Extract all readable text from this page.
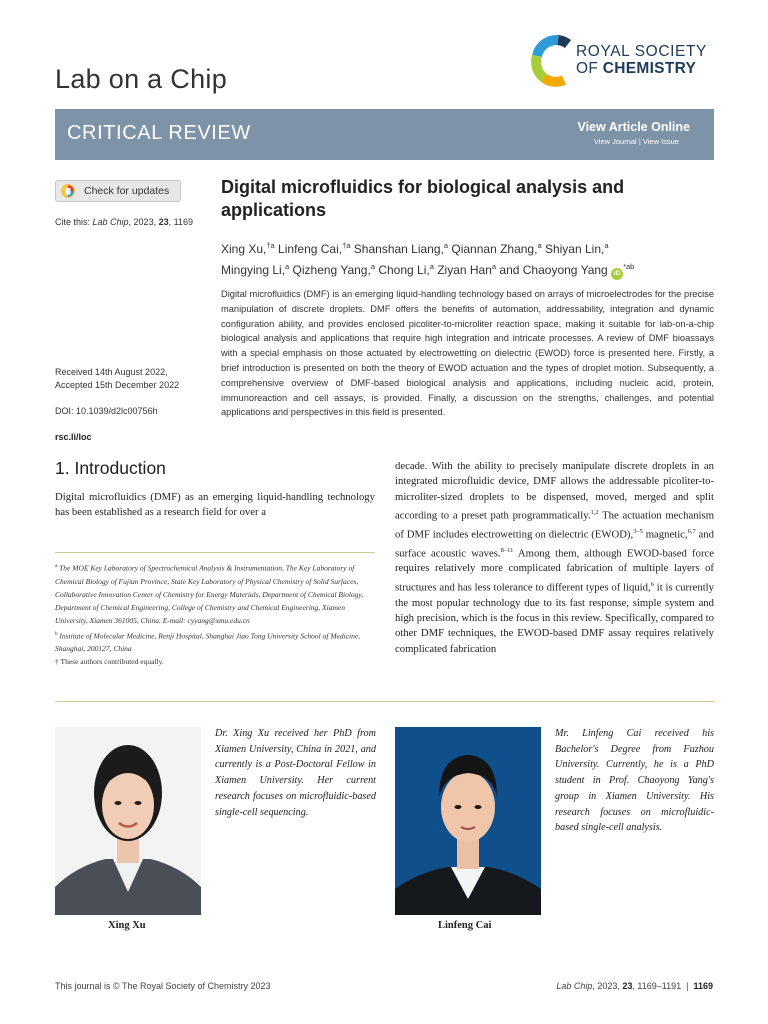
Lab on a Chip
ROYAL SOCIETY
OF CHEMISTRY
CRITICAL REVIEW	View Article Online
View Journal | View Issue
Check for updates
Cite this: Lab Chip, 2023, 23, 1169
Received 14th August 2022,
Accepted 15th December 2022
DOI: 10.1039/d2lc00756h
rsc.li/loc
Digital microfluidics for biological analysis and applications
Xing Xu,$^{\dagger a}$ Linfeng Cai,$^{\dagger a}$ Shanshan Liang,$^a$ Qiannan Zhang,$^a$ Shiyan Lin,$^a$
Mingying Li,$^a$ Qizheng Yang,$^a$ Chong Li,$^a$ Ziyan Han$^a$ and Chaoyong Yang $iD^{*ab}$
Digital microfluidics (DMF) is an emerging liquid-handling technology based on arrays of microelectrodes for the precise manipulation of discrete droplets. DMF offers the benefits of automation, addressability, integration and dynamic configuration ability, and provides enclosed picoliter-to-microliter reaction space, making it suitable for lab-on-a-chip biological analysis and applications that require high integration and intricate processes. A review of DMF bioassays with a special emphasis on those actuated by electrowetting on dielectric (EWOD) force is presented here. Firstly, a brief introduction is presented on both the theory of EWOD actuation and the types of droplet motion. Subsequently, a comprehensive overview of DMF-based biological analysis and applications, including nucleic acid, protein, immunoreaction and cell assays, is provided. Finally, a discussion on the strengths, challenges, and potential applications and perspectives in this field is presented.
1. Introduction
Digital microfluidics (DMF) as an emerging liquid-handling technology has been established as a research field for over a
$^a$ The MOE Key Laboratory of Spectrochemical Analysis & Instrumentation, The Key Laboratory of Chemical Biology of Fujian Province, State Key Laboratory of Physical Chemistry of Solid Surfaces, Collaborative Innovation Center of Chemistry for Energy Materials, Department of Chemical Biology, Department of Chemical Engineering, College of Chemistry and Chemical Engineering, Xiamen University, Xiamen 361005, China. E-mail: cyyang@xmu.edu.cn
$^b$ Institute of Molecular Medicine, Renji Hospital, Shanghai Jiao Tong University School of Medicine, Shanghai, 200127, China
† These authors contributed equally.
decade. With the ability to precisely manipulate discrete droplets in an integrated microfluidic device, DMF allows the addressable picoliter-to-microliter-sized droplets to be dispensed, moved, merged and split according to a preset path programmatically.$^{1,2}$ The actuation mechanism of DMF includes electrowetting on dielectric (EWOD),$^{3-5}$ magnetic,$^{6,7}$ and surface acoustic waves.$^{8-11}$ Among them, although EWOD-based force requires relatively more complicated fabrication of multiple layers of structures and has less tolerance to different types of liquid,$^6$ it is currently the most popular technology due to its fast response, simple system and high precision, which is the focus in this review. Specifically, compared to other DMF techniques, the EWOD-based DMF assay requires relatively complicated fabrication
Dr. Xing Xu received her PhD from Xiamen University, China in 2021, and currently is a Post-Doctoral Fellow in Xiamen University. Her current research focuses on microfluidic-based single-cell sequencing.
Xing Xu
Mr. Linfeng Cai received his Bachelor's Degree from Fuzhou University. Currently, he is a PhD student in Prof. Chaoyong Yang's group in Xiamen University. His research focuses on microfluidic-based single-cell analysis.
Linfeng Cai
This journal is © The Royal Society of Chemistry 2023	Lab Chip, 2023, 23, 1169–1191  |  1169
